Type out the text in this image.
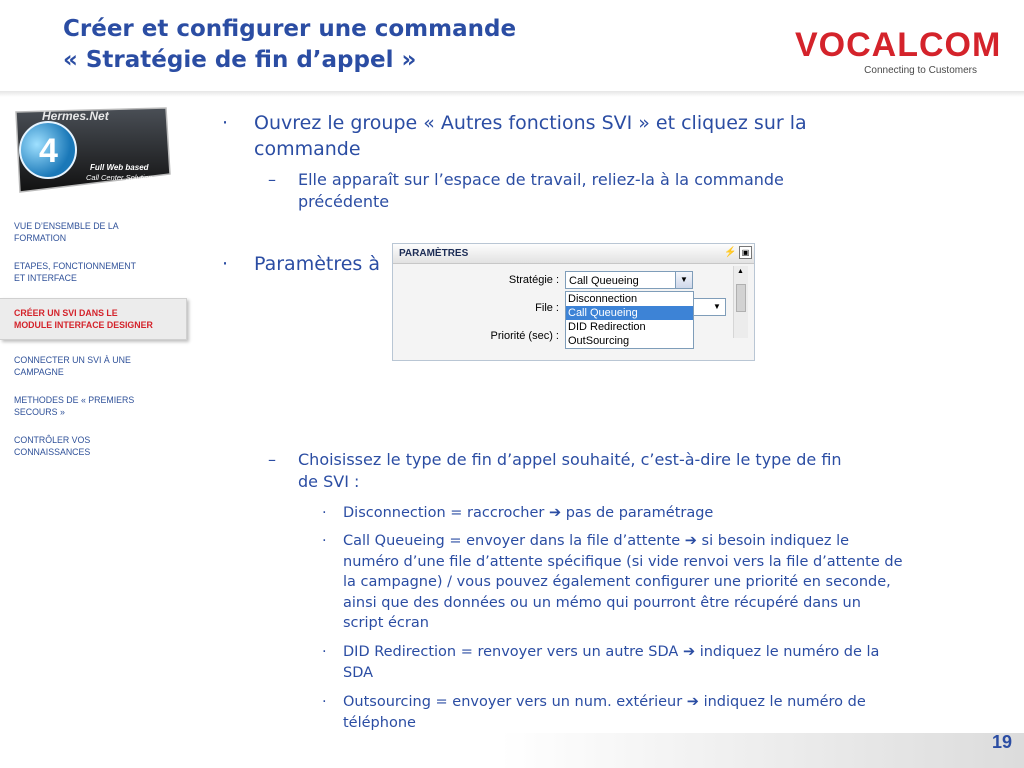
Créer et configurer une commande
« Stratégie de fin d’appel »	VOCALCOM
Connecting to Customers
Hermes.Net
4	Full Web based
Call Center Solution
VUE D’ENSEMBLE DE LA
FORMATION
ETAPES, FONCTIONNEMENT
ET INTERFACE
CRÉER UN SVI DANS LE
MODULE INTERFACE DESIGNER
CONNECTER UN SVI À UNE
CAMPAGNE
METHODES DE « PREMIERS
SECOURS »
CONTRÔLER VOS
CONNAISSANCES
· Ouvrez le groupe « Autres fonctions SVI » et cliquez sur la
commande
– Elle apparaît sur l’espace de travail, reliez-la à la commande
précédente
· Paramètres à
– Choisissez le type de fin d’appel souhaité, c’est-à-dire le type de fin
de SVI :
· Disconnection = raccrocher ➔ pas de paramétrage
· Call Queueing = envoyer dans la file d’attente ➔ si besoin indiquez le
numéro d’une file d’attente spécifique (si vide renvoi vers la file d’attente de
la campagne) / vous pouvez également configurer une priorité en seconde,
ainsi que des données ou un mémo qui pourront être récupéré dans un
script écran
· DID Redirection = renvoyer vers un autre SDA ➔ indiquez le numéro de la
SDA
· Outsourcing = envoyer vers un num. extérieur ➔ indiquez le numéro de
téléphone
PARAMÈTRES	⚡ ▣
Stratégie : Call Queueing	▼
File :	▼
Priorité (sec) :
Disconnection
Call Queueing
DID Redirection
OutSourcing
▲
19
